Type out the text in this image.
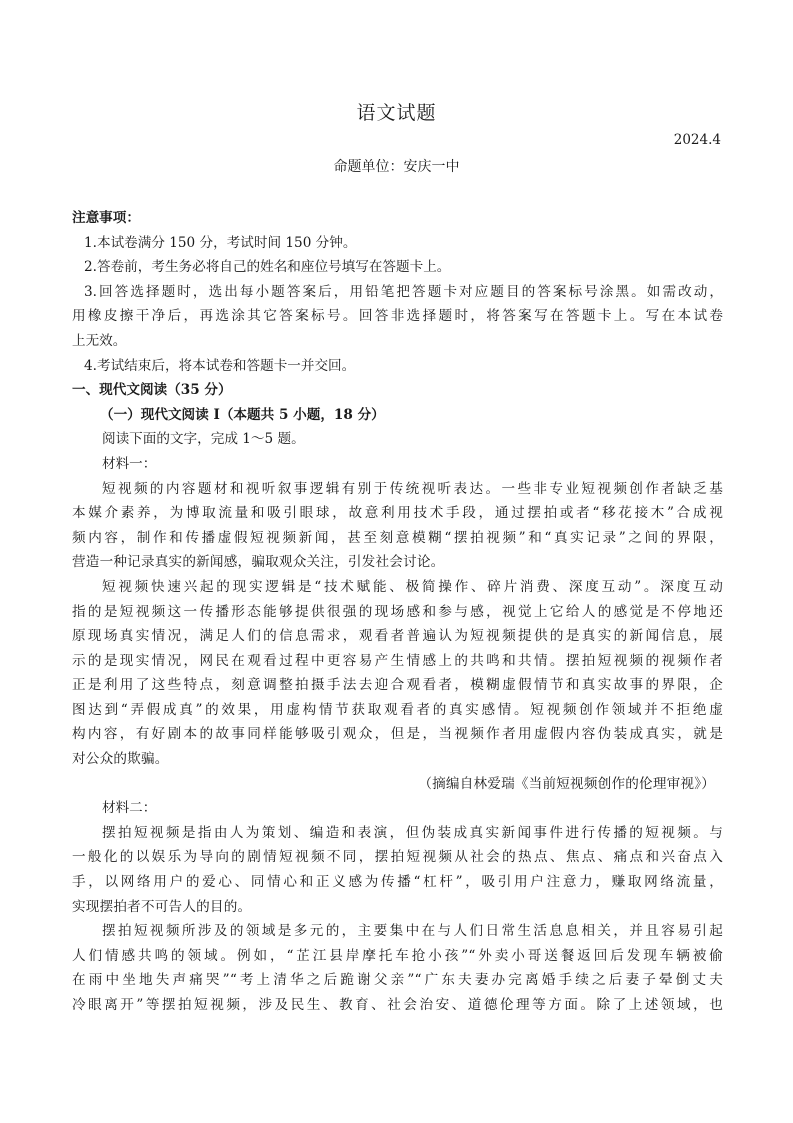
语文试题
2024.4
命题单位：安庆一中
注意事项：
1.本试卷满分 150 分，考试时间 150 分钟。
2.答卷前，考生务必将自己的姓名和座位号填写在答题卡上。
3.回答选择题时，选出每小题答案后，用铅笔把答题卡对应题目的答案标号涂黑。如需改动，
用橡皮擦干净后，再选涂其它答案标号。回答非选择题时，将答案写在答题卡上。写在本试卷
上无效。
4.考试结束后，将本试卷和答题卡一并交回。
一、现代文阅读（35 分）
（一）现代文阅读 I（本题共 5 小题，18 分）
阅读下面的文字，完成 1～5 题。
材料一：
短视频的内容题材和视听叙事逻辑有别于传统视听表达。一些非专业短视频创作者缺乏基
本媒介素养，为博取流量和吸引眼球，故意利用技术手段，通过摆拍或者“移花接木”合成视
频内容，制作和传播虚假短视频新闻，甚至刻意模糊“摆拍视频”和“真实记录”之间的界限，
营造一种记录真实的新闻感，骗取观众关注，引发社会讨论。
短视频快速兴起的现实逻辑是“技术赋能、极简操作、碎片消费、深度互动”。深度互动
指的是短视频这一传播形态能够提供很强的现场感和参与感，视觉上它给人的感觉是不停地还
原现场真实情况，满足人们的信息需求，观看者普遍认为短视频提供的是真实的新闻信息，展
示的是现实情况，网民在观看过程中更容易产生情感上的共鸣和共情。摆拍短视频的视频作者
正是利用了这些特点，刻意调整拍摄手法去迎合观看者，模糊虚假情节和真实故事的界限，企
图达到“弄假成真”的效果，用虚构情节获取观看者的真实感情。短视频创作领域并不拒绝虚
构内容，有好剧本的故事同样能够吸引观众，但是，当视频作者用虚假内容伪装成真实，就是
对公众的欺骗。
（摘编自林爱瑞《当前短视频创作的伦理审视》）
材料二：
摆拍短视频是指由人为策划、编造和表演，但伪装成真实新闻事件进行传播的短视频。与
一般化的以娱乐为导向的剧情短视频不同，摆拍短视频从社会的热点、焦点、痛点和兴奋点入
手，以网络用户的爱心、同情心和正义感为传播“杠杆”，吸引用户注意力，赚取网络流量，
实现摆拍者不可告人的目的。
摆拍短视频所涉及的领域是多元的，主要集中在与人们日常生活息息相关，并且容易引起
人们情感共鸣的领域。例如，“芷江县岸摩托车抢小孩”“外卖小哥送餐返回后发现车辆被偷
在雨中坐地失声痛哭”“考上清华之后跪谢父亲”“广东夫妻办完离婚手续之后妻子晕倒丈夫
冷眼离开”等摆拍短视频，涉及民生、教育、社会治安、道德伦理等方面。除了上述领域，也
